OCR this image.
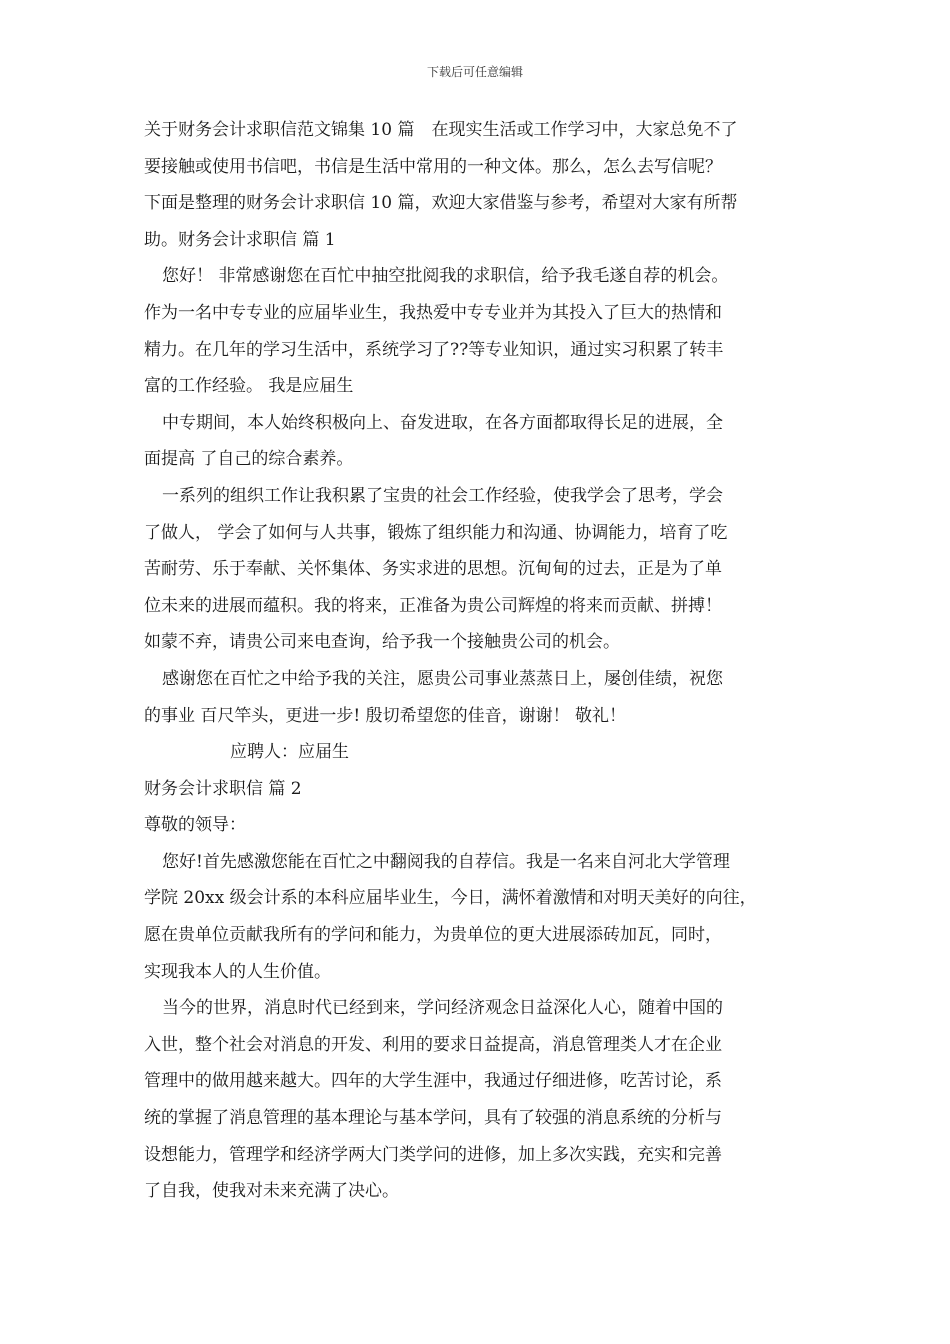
下载后可任意编辑
关于财务会计求职信范文锦集 10 篇　在现实生活或工作学习中，大家总免不了
要接触或使用书信吧，书信是生活中常用的一种文体。那么，怎么去写信呢？
下面是整理的财务会计求职信 10 篇，欢迎大家借鉴与参考，希望对大家有所帮
助。财务会计求职信 篇 1
您好！ 非常感谢您在百忙中抽空批阅我的求职信，给予我毛遂自荐的机会。
作为一名中专专业的应届毕业生，我热爱中专专业并为其投入了巨大的热情和
精力。在几年的学习生活中，系统学习了??等专业知识，通过实习积累了转丰
富的工作经验。 我是应届生
中专期间，本人始终积极向上、奋发进取，在各方面都取得长足的进展，全
面提高 了自己的综合素养。
一系列的组织工作让我积累了宝贵的社会工作经验，使我学会了思考，学会
了做人， 学会了如何与人共事，锻炼了组织能力和沟通、协调能力，培育了吃
苦耐劳、乐于奉献、关怀集体、务实求进的思想。沉甸甸的过去，正是为了单
位未来的进展而蕴积。我的将来，正准备为贵公司辉煌的将来而贡献、拼搏！
如蒙不弃，请贵公司来电查询，给予我一个接触贵公司的机会。
感谢您在百忙之中给予我的关注，愿贵公司事业蒸蒸日上，屡创佳绩，祝您
的事业 百尺竿头，更进一步! 殷切希望您的佳音，谢谢！ 敬礼！
应聘人：应届生
财务会计求职信 篇 2
尊敬的领导：
您好!首先感激您能在百忙之中翻阅我的自荐信。我是一名来自河北大学管理
学院 20xx 级会计系的本科应届毕业生，今日，满怀着激情和对明天美好的向往，
愿在贵单位贡献我所有的学问和能力，为贵单位的更大进展添砖加瓦，同时，
实现我本人的人生价值。
当今的世界，消息时代已经到来，学问经济观念日益深化人心，随着中国的
入世，整个社会对消息的开发、利用的要求日益提高，消息管理类人才在企业
管理中的做用越来越大。四年的大学生涯中，我通过仔细进修，吃苦讨论，系
统的掌握了消息管理的基本理论与基本学问，具有了较强的消息系统的分析与
设想能力，管理学和经济学两大门类学问的进修，加上多次实践，充实和完善
了自我，使我对未来充满了决心。
